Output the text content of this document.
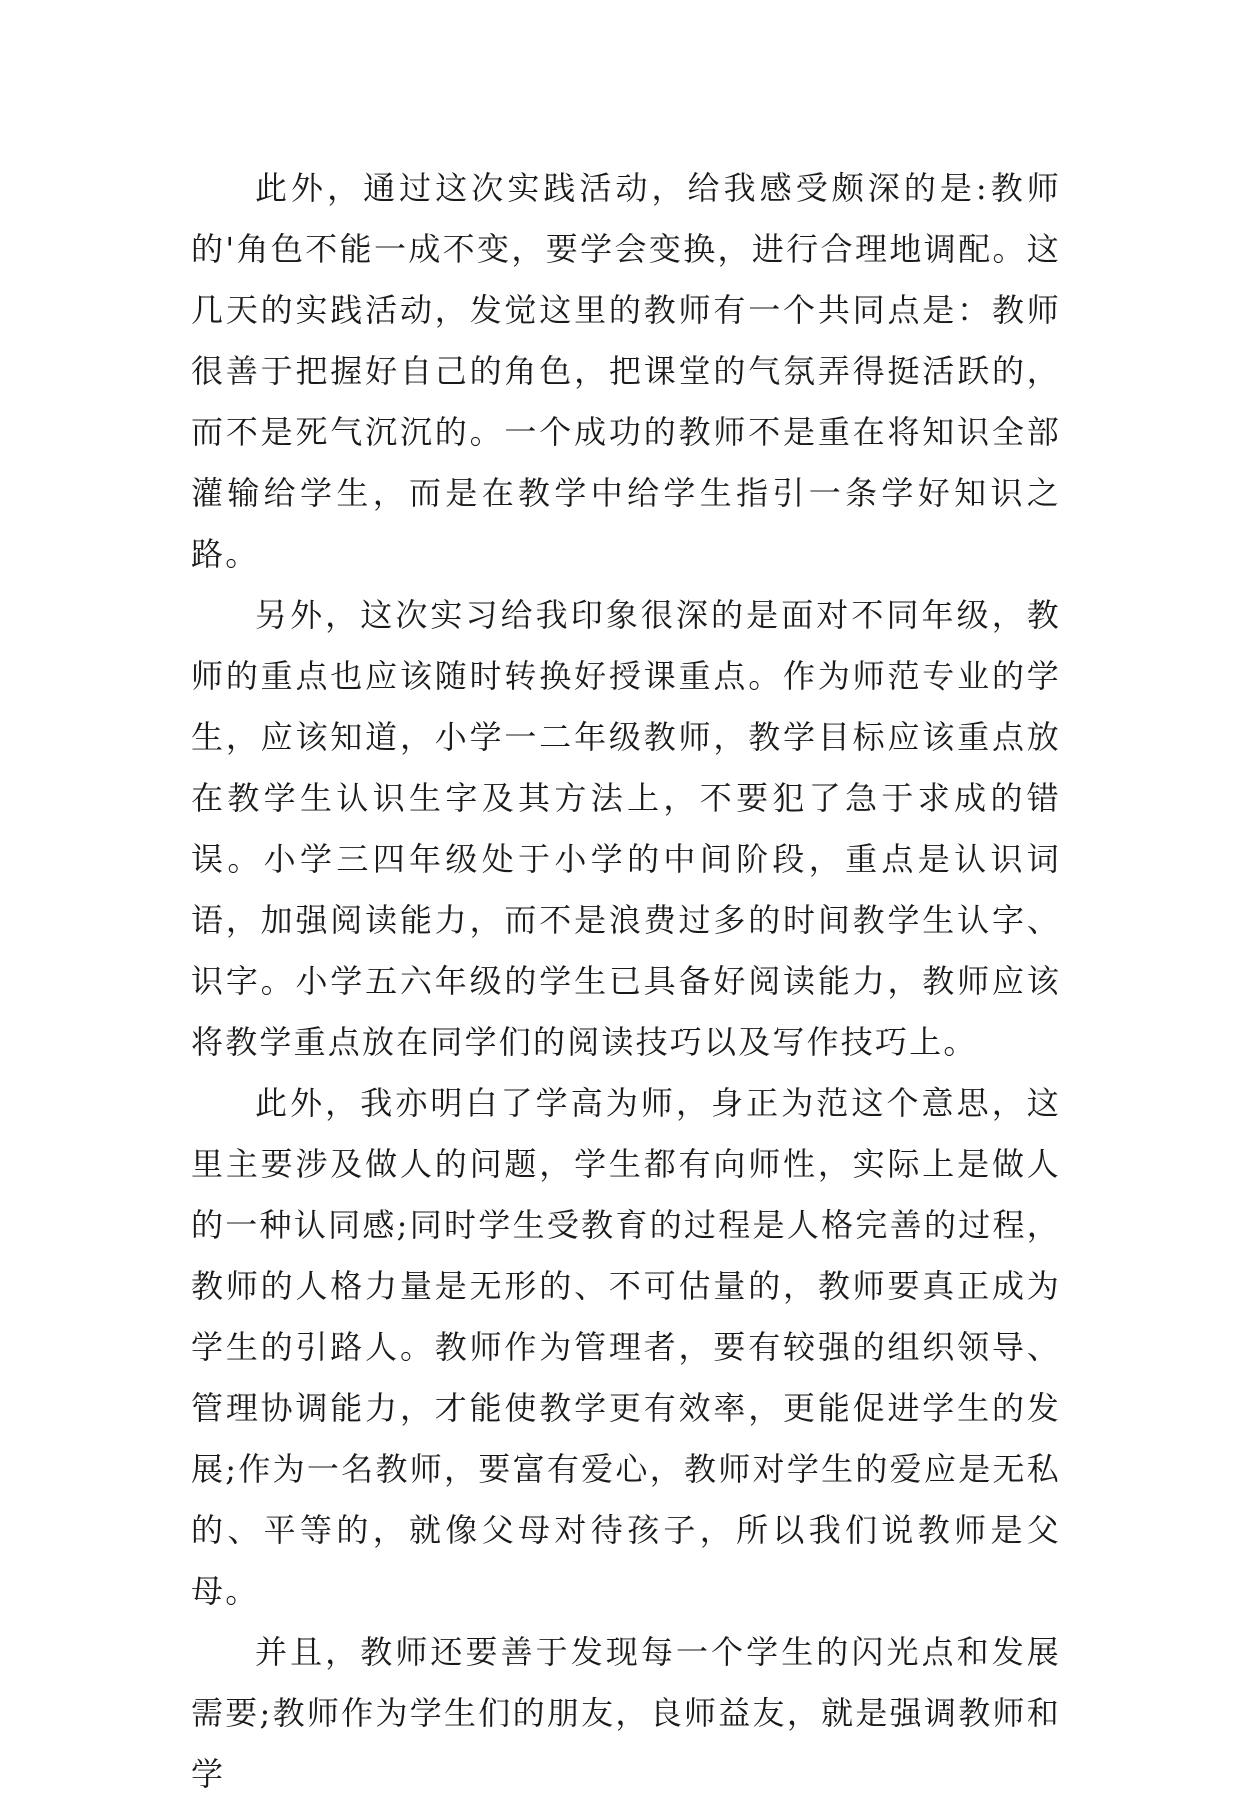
此外，通过这次实践活动，给我感受颇深的是:教师的'角色不能一成不变，要学会变换，进行合理地调配。这几天的实践活动，发觉这里的教师有一个共同点是：教师很善于把握好自己的角色，把课堂的气氛弄得挺活跃的，而不是死气沉沉的。一个成功的教师不是重在将知识全部灌输给学生，而是在教学中给学生指引一条学好知识之路。

另外，这次实习给我印象很深的是面对不同年级，教师的重点也应该随时转换好授课重点。作为师范专业的学生，应该知道，小学一二年级教师，教学目标应该重点放在教学生认识生字及其方法上，不要犯了急于求成的错误。小学三四年级处于小学的中间阶段，重点是认识词语，加强阅读能力，而不是浪费过多的时间教学生认字、识字。小学五六年级的学生已具备好阅读能力，教师应该将教学重点放在同学们的阅读技巧以及写作技巧上。

此外，我亦明白了学高为师，身正为范这个意思，这里主要涉及做人的问题，学生都有向师性，实际上是做人的一种认同感;同时学生受教育的过程是人格完善的过程，教师的人格力量是无形的、不可估量的，教师要真正成为学生的引路人。教师作为管理者，要有较强的组织领导、管理协调能力，才能使教学更有效率，更能促进学生的发展;作为一名教师，要富有爱心，教师对学生的爱应是无私的、平等的，就像父母对待孩子，所以我们说教师是父母。

并且，教师还要善于发现每一个学生的闪光点和发展需要;教师作为学生们的朋友，良师益友，就是强调教师和学
